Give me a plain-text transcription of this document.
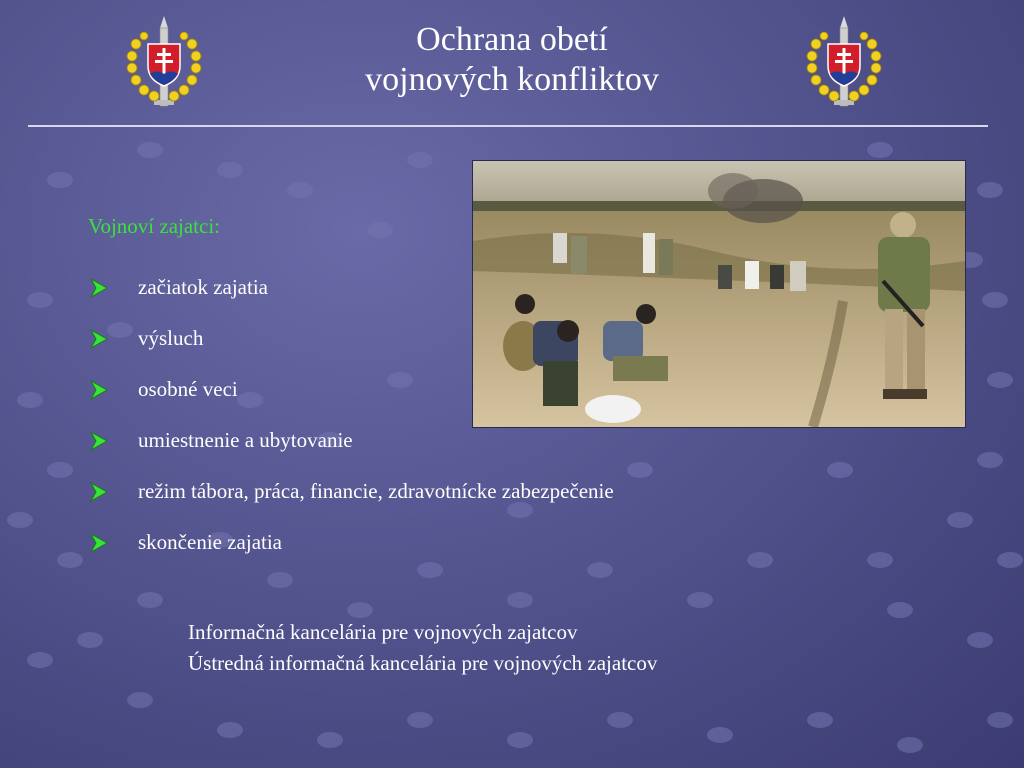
Ochrana obetí
vojnových konfliktov
Vojnoví zajatci:
začiatok zajatia
výsluch
osobné veci
umiestnenie a ubytovanie
režim tábora, práca, financie, zdravotnícke zabezpečenie
skončenie zajatia
Informačná kancelária pre vojnových zajatcov
Ústredná informačná kancelária pre vojnových zajatcov
